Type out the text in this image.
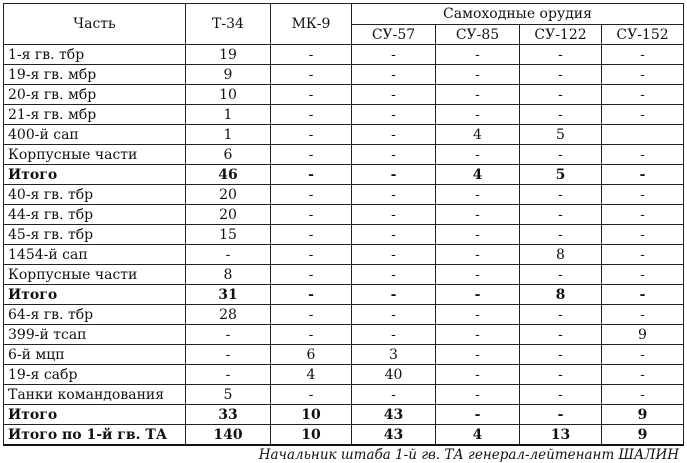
Часть	Т-34	МК-9	Самоходные орудия			
			СУ-57	СУ-85	СУ-122	СУ-152
1-я гв. тбр	19	-	-	-	-	-
19-я гв. мбр	9	-	-	-	-	-
20-я гв. мбр	10	-	-	-	-	-
21-я гв. мбр	1	-	-	-	-	-
400-й сап	1	-	-	4	5	
Корпусные части	6	-	-	-	-	-
Итого	46	-	-	4	5	-
40-я гв. тбр	20	-	-	-	-	-
44-я гв. тбр	20	-	-	-	-	-
45-я гв. тбр	15	-	-	-	-	-
1454-й сап	-	-	-	-	8	-
Корпусные части	8	-	-	-	-	-
Итого	31	-	-	-	8	-
64-я гв. тбр	28	-	-	-	-	-
399-й тсап	-	-	-	-	-	9
6-й мцп	-	6	3	-	-	-
19-я сабр	-	4	40	-	-	-
Танки командования	5	-	-	-	-	-
Итого	33	10	43	-	-	9
Итого по 1-й гв. ТА	140	10	43	4	13	9
Начальник штаба 1-й гв. ТА генерал-лейтенант ШАЛИН
